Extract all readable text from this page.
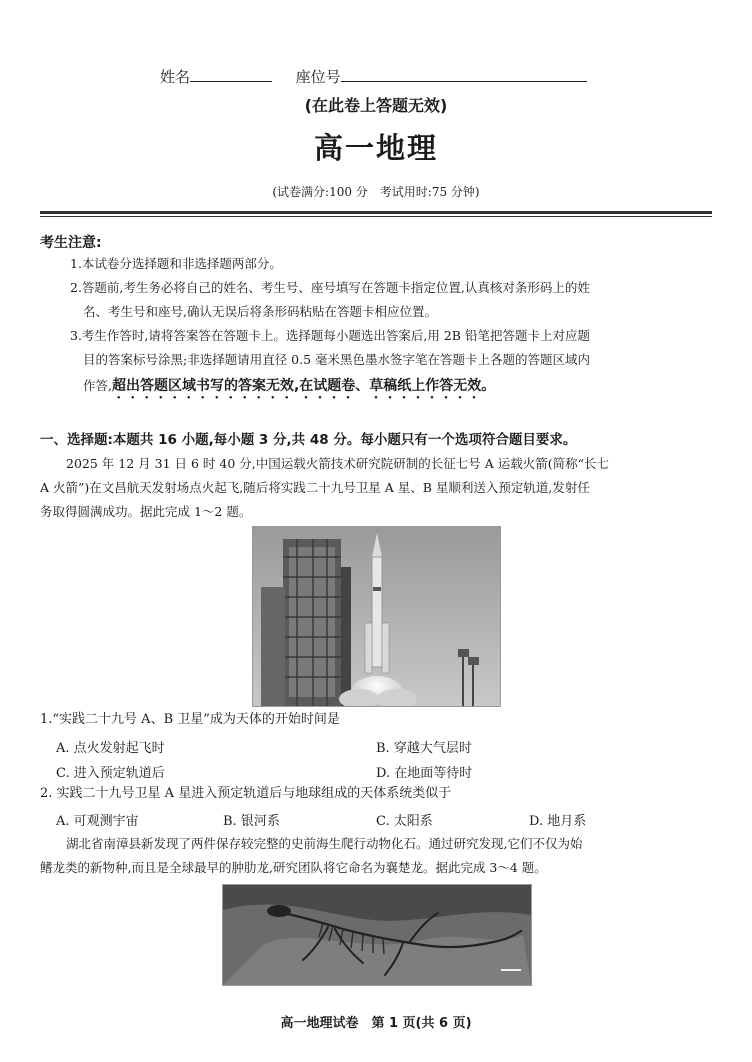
姓名	座位号
(在此卷上答题无效)
高一地理
(试卷满分:100 分　考试用时:75 分钟)
考生注意:
1.本试卷分选择题和非选择题两部分。
2.答题前,考生务必将自己的姓名、考生号、座号填写在答题卡指定位置,认真核对条形码上的姓
名、考生号和座号,确认无误后将条形码粘贴在答题卡相应位置。
3.考生作答时,请将答案答在答题卡上。选择题每小题选出答案后,用 2B 铅笔把答题卡上对应题
目的答案标号涂黑;非选择题请用直径 0.5 毫米黑色墨水签字笔在答题卡上各题的答题区域内
作答,超出答题区域书写的答案无效,在试题卷、草稿纸上作答无效。
一、选择题:本题共 16 小题,每小题 3 分,共 48 分。每小题只有一个选项符合题目要求。
2025 年 12 月 31 日 6 时 40 分,中国运载火箭技术研究院研制的长征七号 A 运载火箭(简称“长七
A 火箭”)在文昌航天发射场点火起飞,随后将实践二十九号卫星 A 星、B 星顺利送入预定轨道,发射任
务取得圆满成功。据此完成 1～2 题。
1.“实践二十九号 A、B 卫星”成为天体的开始时间是
A. 点火发射起飞时	B. 穿越大气层时
C. 进入预定轨道后	D. 在地面等待时
2. 实践二十九号卫星 A 星进入预定轨道后与地球组成的天体系统类似于
A. 可观测宇宙	B. 银河系	C. 太阳系	D. 地月系
湖北省南漳县新发现了两件保存较完整的史前海生爬行动物化石。通过研究发现,它们不仅为始
鳍龙类的新物种,而且是全球最早的肿肋龙,研究团队将它命名为襄楚龙。据此完成 3～4 题。
高一地理试卷　第 1 页(共 6 页)
